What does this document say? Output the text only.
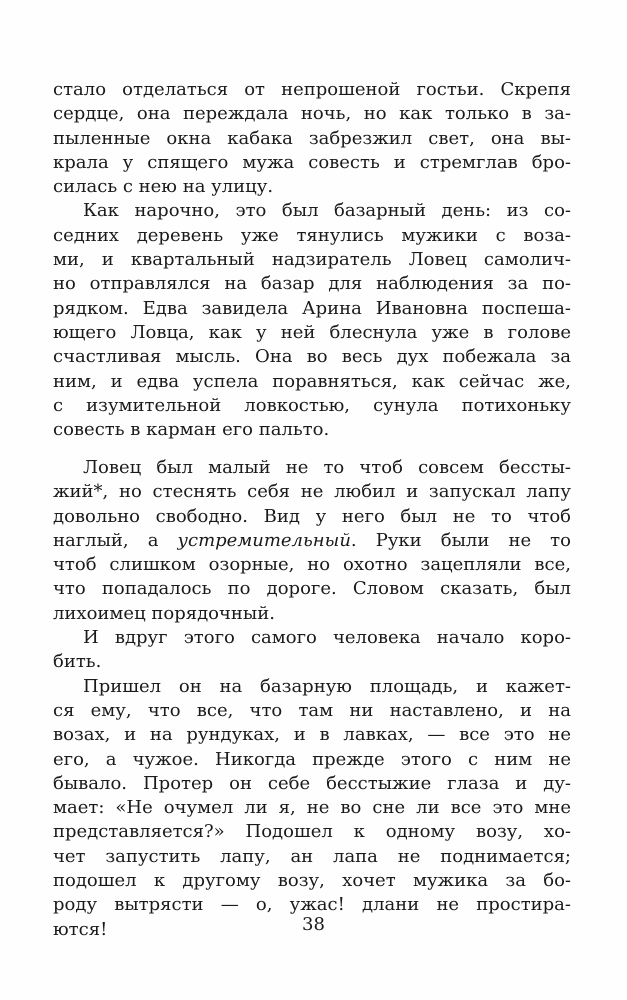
стало отделаться от непрошеной гостьи. Скрепя
сердце, она переждала ночь, но как только в за-
пыленные окна кабака забрезжил свет, она вы-
крала у спящего мужа совесть и стремглав бро-
силась с нею на улицу.
Как нарочно, это был базарный день: из со-
седних деревень уже тянулись мужики с воза-
ми, и квартальный надзиратель Ловец самолич-
но отправлялся на базар для наблюдения за по-
рядком. Едва завидела Арина Ивановна поспеша-
ющего Ловца, как у ней блеснула уже в голове
счастливая мысль. Она во весь дух побежала за
ним, и едва успела поравняться, как сейчас же,
с изумительной ловкостью, сунула потихоньку
совесть в карман его пальто.
Ловец был малый не то чтоб совсем бессты-
жий*, но стеснять себя не любил и запускал лапу
довольно свободно. Вид у него был не то чтоб
наглый, а устремительный. Руки были не то
чтоб слишком озорные, но охотно зацепляли все,
что попадалось по дороге. Словом сказать, был
лихоимец порядочный.
И вдруг этого самого человека начало коро-
бить.
Пришел он на базарную площадь, и кажет-
ся ему, что все, что там ни наставлено, и на
возах, и на рундуках, и в лавках, — все это не
его, а чужое. Никогда прежде этого с ним не
бывало. Протер он себе бесстыжие глаза и ду-
мает: «Не очумел ли я, не во сне ли все это мне
представляется?» Подошел к одному возу, хо-
чет запустить лапу, ан лапа не поднимается;
подошел к другому возу, хочет мужика за бо-
роду вытрясти — о, ужас! длани не простира-
ются!	38
